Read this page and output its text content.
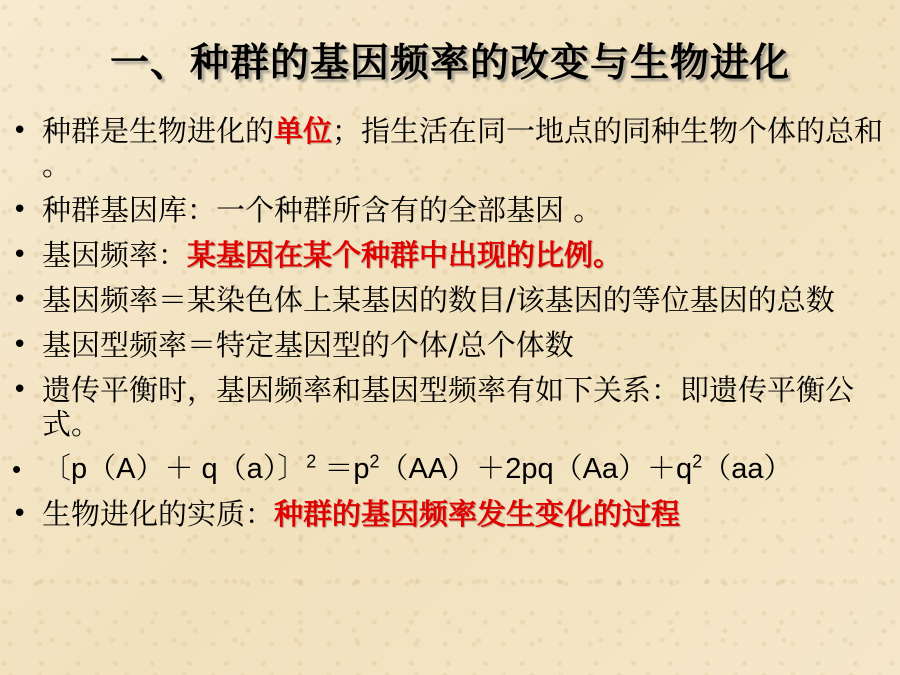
一、种群的基因频率的改变与生物进化
• 种群是生物进化的单位；指生活在同一地点的同种生物个体的总和 。
• 种群基因库：一个种群所含有的全部基因 。
• 基因频率：某基因在某个种群中出现的比例。
• 基因频率＝某染色体上某基因的数目/该基因的等位基因的总数
• 基因型频率＝特定基因型的个体/总个体数
• 遗传平衡时，基因频率和基因型频率有如下关系：即遗传平衡公式。
• 〔p（A）＋ q（a）〕$^2 =p^2(AA)+2pq(Aa)+q^2(aa)$
• 生物进化的实质：种群的基因频率发生变化的过程
